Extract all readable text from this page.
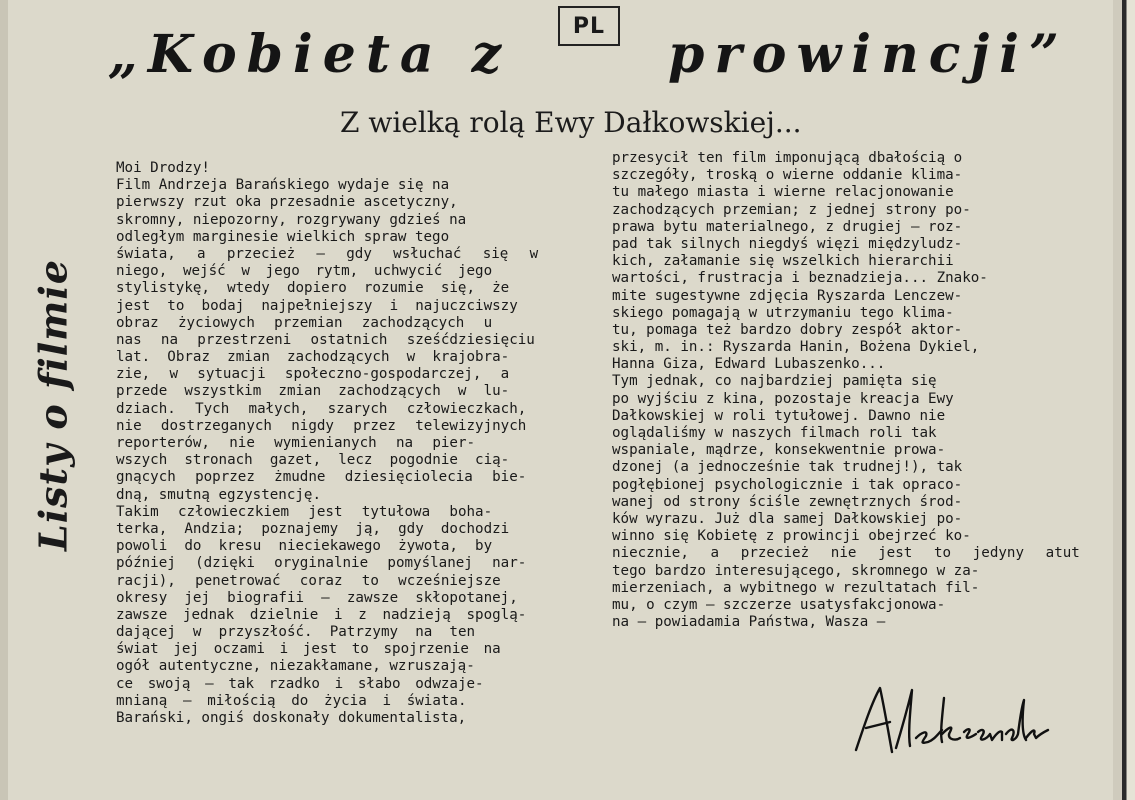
PL
„Kobieta z	prowincji”
Z wielką rolą Ewy Dałkowskiej...
Listy o filmie
Moi Drodzy!
Film Andrzeja Barańskiego wydaje się na
pierwszy rzut oka przesadnie ascetyczny,
skromny, niepozorny, rozgrywany gdzieś na
odległym marginesie wielkich spraw tego
świata, a przecież — gdy wsłuchać się w
niego, wejść w jego rytm, uchwycić jego
stylistykę, wtedy dopiero rozumie się, że
jest to bodaj najpełniejszy i najuczciwszy
obraz życiowych przemian zachodzących u
nas na przestrzeni ostatnich sześćdziesięciu
lat. Obraz zmian zachodzących w krajobra-
zie, w sytuacji społeczno-gospodarczej, a
przede wszystkim zmian zachodzących w lu-
dziach. Tych małych, szarych człowieczkach,
nie dostrzeganych nigdy przez telewizyjnych
reporterów, nie wymienianych na pier-
wszych stronach gazet, lecz pogodnie cią-
gnących poprzez żmudne dziesięciolecia bie-
dną, smutną egzystencję.
Takim człowieczkiem jest tytułowa boha-
terka, Andzia; poznajemy ją, gdy dochodzi
powoli do kresu nieciekawego żywota, by
później (dzięki oryginalnie pomyślanej nar-
racji), penetrować coraz to wcześniejsze
okresy jej biografii — zawsze skłopotanej,
zawsze jednak dzielnie i z nadzieją spoglą-
dającej w przyszłość. Patrzymy na ten
świat jej oczami i jest to spojrzenie na
ogół autentyczne, niezakłamane, wzruszają-
ce swoją — tak rzadko i słabo odwzaje-
mnianą — miłością do życia i świata.
Barański, ongiś doskonały dokumentalista,
przesycił ten film imponującą dbałością o
szczegóły, troską o wierne oddanie klima-
tu małego miasta i wierne relacjonowanie
zachodzących przemian; z jednej strony po-
prawa bytu materialnego, z drugiej — roz-
pad tak silnych niegdyś więzi międzyludz-
kich, załamanie się wszelkich hierarchii
wartości, frustracja i beznadzieja... Znako-
mite sugestywne zdjęcia Ryszarda Lenczew-
skiego pomagają w utrzymaniu tego klima-
tu, pomaga też bardzo dobry zespół aktor-
ski, m. in.: Ryszarda Hanin, Bożena Dykiel,
Hanna Giza, Edward Lubaszenko...
Tym jednak, co najbardziej pamięta się
po wyjściu z kina, pozostaje kreacja Ewy
Dałkowskiej w roli tytułowej. Dawno nie
oglądaliśmy w naszych filmach roli tak
wspaniale, mądrze, konsekwentnie prowa-
dzonej (a jednocześnie tak trudnej!), tak
pogłębionej psychologicznie i tak opraco-
wanej od strony ściśle zewnętrznych środ-
ków wyrazu. Już dla samej Dałkowskiej po-
winno się Kobietę z prowincji obejrzeć ko-
niecznie, a przecież nie jest to jedyny atut
tego bardzo interesującego, skromnego w za-
mierzeniach, a wybitnego w rezultatach fil-
mu, o czym — szczerze usatysfakcjonowa-
na — powiadamia Państwa, Wasza —
